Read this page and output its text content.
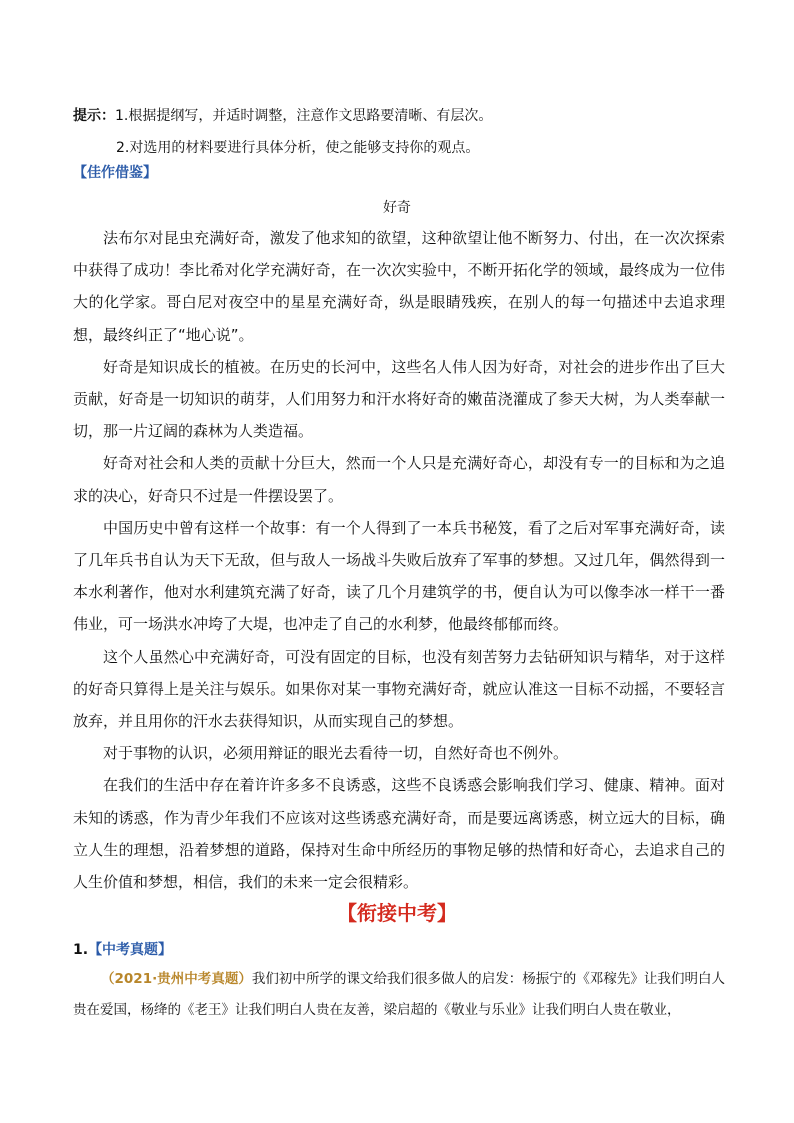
提示：1.根据提纲写，并适时调整，注意作文思路要清晰、有层次。
2.对选用的材料要进行具体分析，使之能够支持你的观点。
【佳作借鉴】
好奇

法布尔对昆虫充满好奇，激发了他求知的欲望，这种欲望让他不断努力、付出，在一次次探索中获得了成功！李比希对化学充满好奇，在一次次实验中，不断开拓化学的领域，最终成为一位伟大的化学家。哥白尼对夜空中的星星充满好奇，纵是眼睛残疾，在别人的每一句描述中去追求理想，最终纠正了“地心说”。

好奇是知识成长的植被。在历史的长河中，这些名人伟人因为好奇，对社会的进步作出了巨大贡献，好奇是一切知识的萌芽，人们用努力和汗水将好奇的嫩苗浇灌成了参天大树，为人类奉献一切，那一片辽阔的森林为人类造福。

好奇对社会和人类的贡献十分巨大，然而一个人只是充满好奇心，却没有专一的目标和为之追求的决心，好奇只不过是一件摆设罢了。

中国历史中曾有这样一个故事：有一个人得到了一本兵书秘笈，看了之后对军事充满好奇，读了几年兵书自认为天下无敌，但与敌人一场战斗失败后放弃了军事的梦想。又过几年，偶然得到一本水利著作，他对水利建筑充满了好奇，读了几个月建筑学的书，便自认为可以像李冰一样干一番伟业，可一场洪水冲垮了大堤，也冲走了自己的水利梦，他最终郁郁而终。

这个人虽然心中充满好奇，可没有固定的目标，也没有刻苦努力去钻研知识与精华，对于这样的好奇只算得上是关注与娱乐。如果你对某一事物充满好奇，就应认准这一目标不动摇，不要轻言放弃，并且用你的汗水去获得知识，从而实现自己的梦想。

对于事物的认识，必须用辩证的眼光去看待一切，自然好奇也不例外。

在我们的生活中存在着许许多多不良诱惑，这些不良诱惑会影响我们学习、健康、精神。面对未知的诱惑，作为青少年我们不应该对这些诱惑充满好奇，而是要远离诱惑，树立远大的目标，确立人生的理想，沿着梦想的道路，保持对生命中所经历的事物足够的热情和好奇心，去追求自己的人生价值和梦想，相信，我们的未来一定会很精彩。

【衔接中考】
1.【中考真题】

（2021·贵州中考真题）我们初中所学的课文给我们很多做人的启发：杨振宁的《邓稼先》让我们明白人贵在爱国，杨绛的《老王》让我们明白人贵在友善，梁启超的《敬业与乐业》让我们明白人贵在敬业，
